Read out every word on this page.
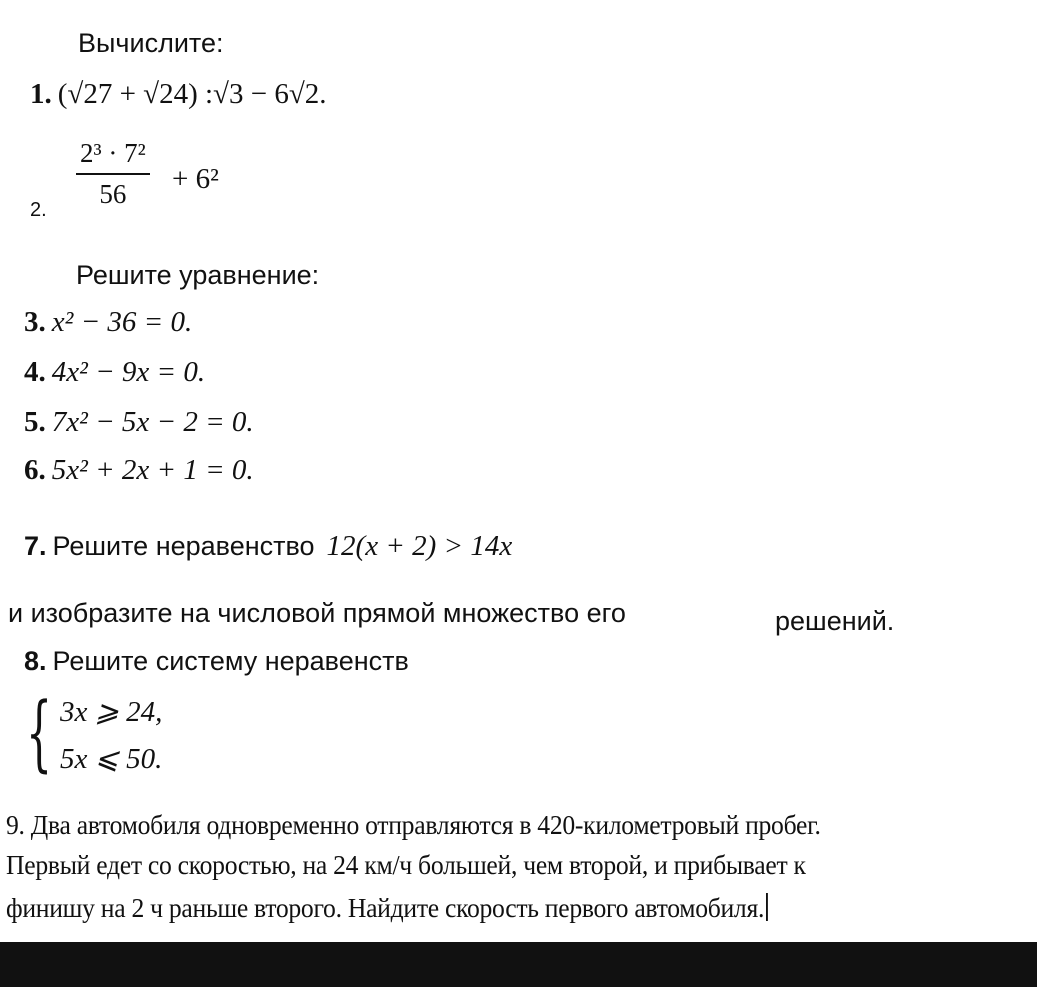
Вычислите:
1. (√27 + √24) :√3 − 6√2.
2. $\frac{\text{2³ · 7²}}{56} + 6^2$
Решите уравнение:
3. x² − 36 = 0.
4. 4x² − 9x = 0.
5. 7x² − 5x − 2 = 0.
6. 5x² + 2x + 1 = 0.
7. Решите неравенство 12(x + 2) > 14x
и изобразите на числовой прямой множество его	решений.
8. Решите систему неравенств
{ 3x ⩾ 24,
5x ⩽ 50.
9. Два автомобиля одновременно отправляются в 420-километровый пробег.
Первый едет со скоростью, на 24 км/ч большей, чем второй, и прибывает к
финишу на 2 ч раньше второго. Найдите скорость первого автомобиля.
